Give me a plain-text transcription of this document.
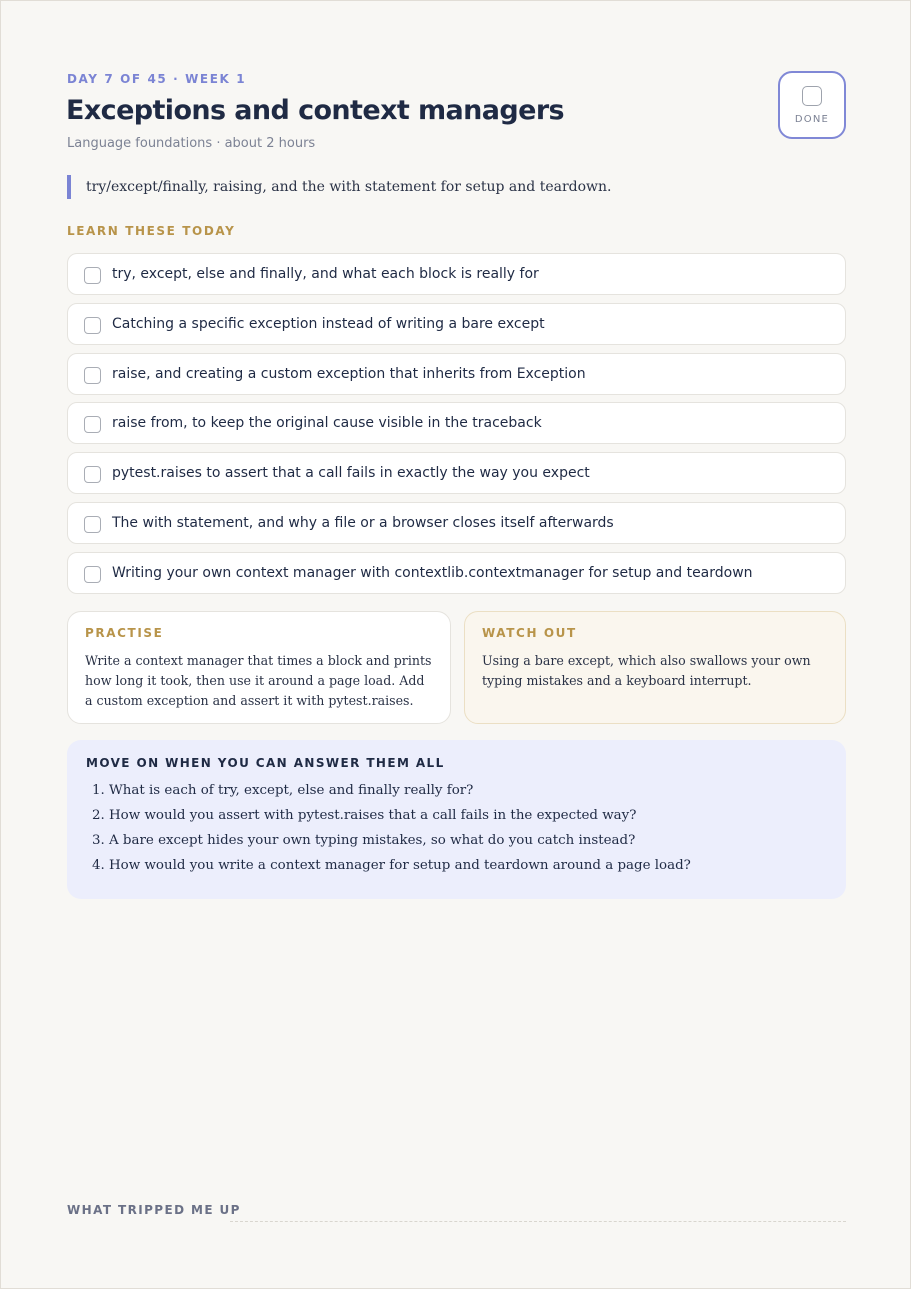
DAY 7 OF 45 · WEEK 1
Exceptions and context managers
Language foundations · about 2 hours
DONE
try/except/finally, raising, and the with statement for setup and teardown.
LEARN THESE TODAY
try, except, else and finally, and what each block is really for
Catching a specific exception instead of writing a bare except
raise, and creating a custom exception that inherits from Exception
raise from, to keep the original cause visible in the traceback
pytest.raises to assert that a call fails in exactly the way you expect
The with statement, and why a file or a browser closes itself afterwards
Writing your own context manager with contextlib.contextmanager for setup and teardown
PRACTISE
Write a context manager that times a block and prints how long it took, then use it around a page load. Add a custom exception and assert it with pytest.raises.
WATCH OUT
Using a bare except, which also swallows your own typing mistakes and a keyboard interrupt.
MOVE ON WHEN YOU CAN ANSWER THEM ALL
1. What is each of try, except, else and finally really for?
2. How would you assert with pytest.raises that a call fails in the expected way?
3. A bare except hides your own typing mistakes, so what do you catch instead?
4. How would you write a context manager for setup and teardown around a page load?
WHAT TRIPPED ME UP
